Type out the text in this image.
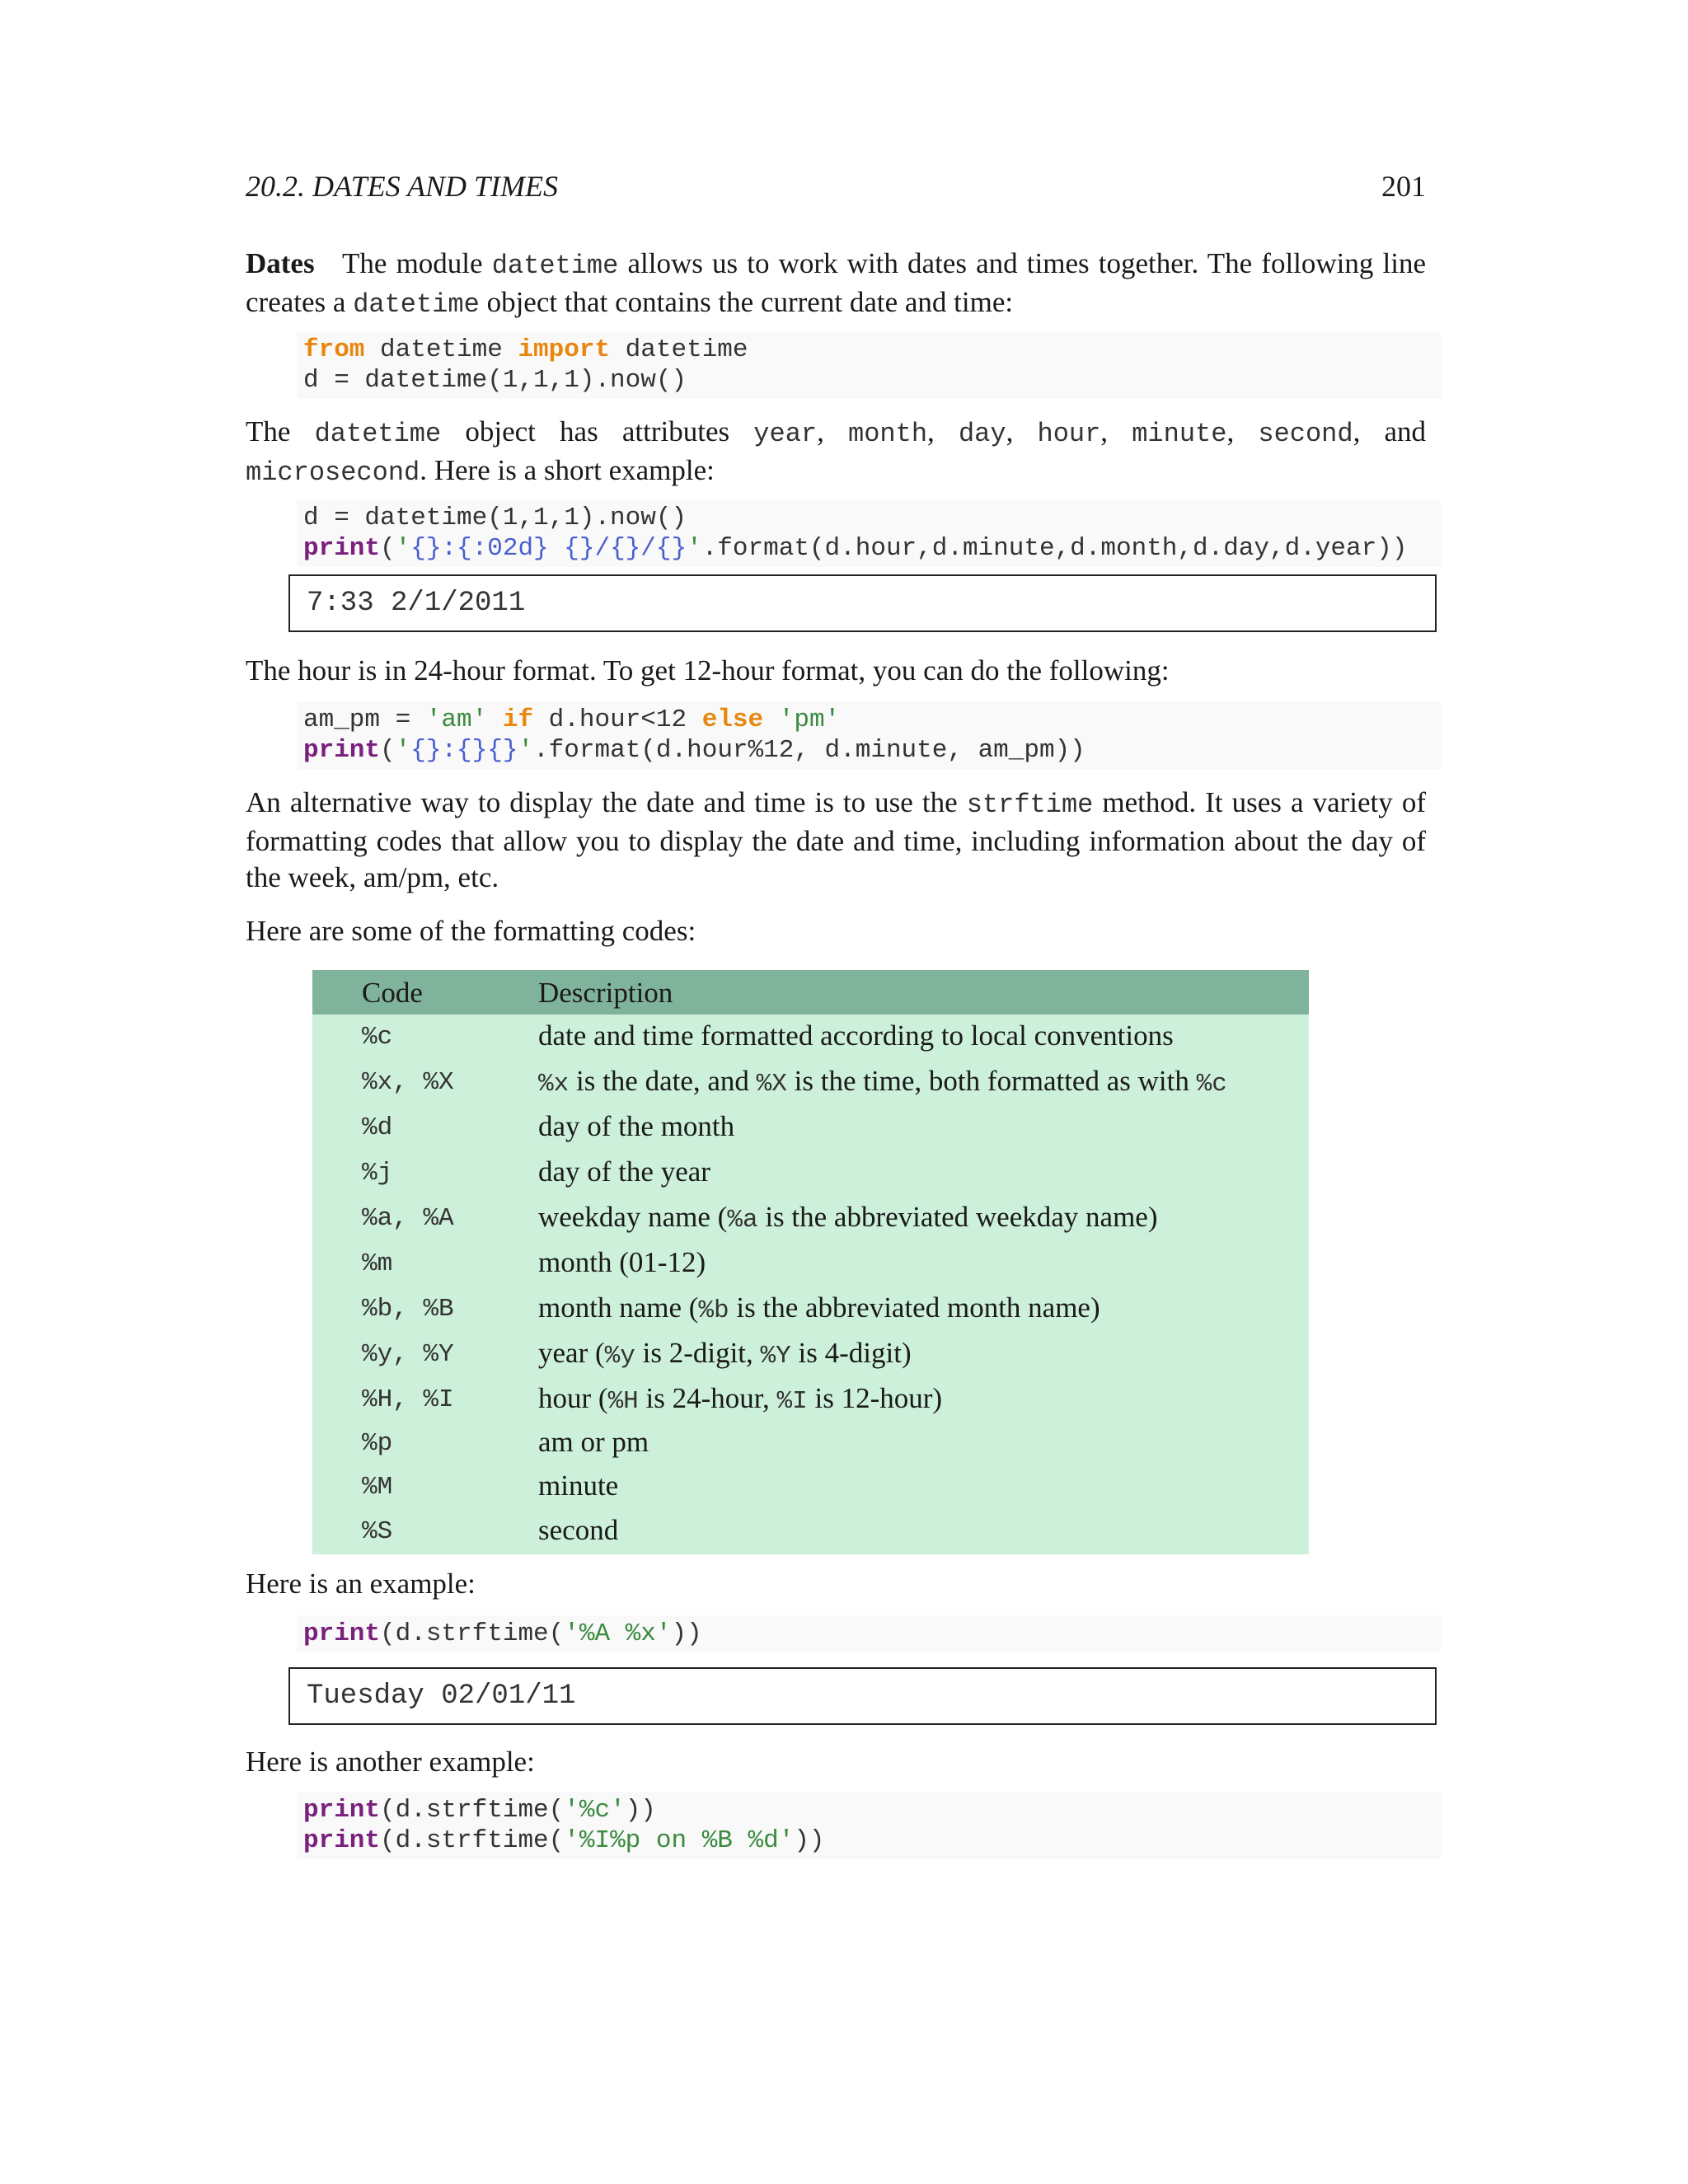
20.2. DATES AND TIMES	201
Dates The module datetime allows us to work with dates and times together. The following line creates a datetime object that contains the current date and time:
from datetime import datetime
d = datetime(1,1,1).now()
The datetime object has attributes year, month, day, hour, minute, second, and microsecond. Here is a short example:
d = datetime(1,1,1).now()
print('{}:{:02d} {}/{}/{}'.format(d.hour,d.minute,d.month,d.day,d.year))
7:33 2/1/2011
The hour is in 24-hour format. To get 12-hour format, you can do the following:
am_pm = 'am' if d.hour<12 else 'pm'
print('{}:{}{}'.format(d.hour%12, d.minute, am_pm))
An alternative way to display the date and time is to use the strftime method. It uses a variety of formatting codes that allow you to display the date and time, including information about the day of the week, am/pm, etc.
Here are some of the formatting codes:
Code	Description
%c	date and time formatted according to local conventions
%x, %X	%x is the date, and %X is the time, both formatted as with %c
%d	day of the month
%j	day of the year
%a, %A	weekday name (%a is the abbreviated weekday name)
%m	month (01-12)
%b, %B	month name (%b is the abbreviated month name)
%y, %Y	year (%y is 2-digit, %Y is 4-digit)
%H, %I	hour (%H is 24-hour, %I is 12-hour)
%p	am or pm
%M	minute
%S	second
Here is an example:
print(d.strftime('%A %x'))
Tuesday 02/01/11
Here is another example:
print(d.strftime('%c'))
print(d.strftime('%I%p on %B %d'))
